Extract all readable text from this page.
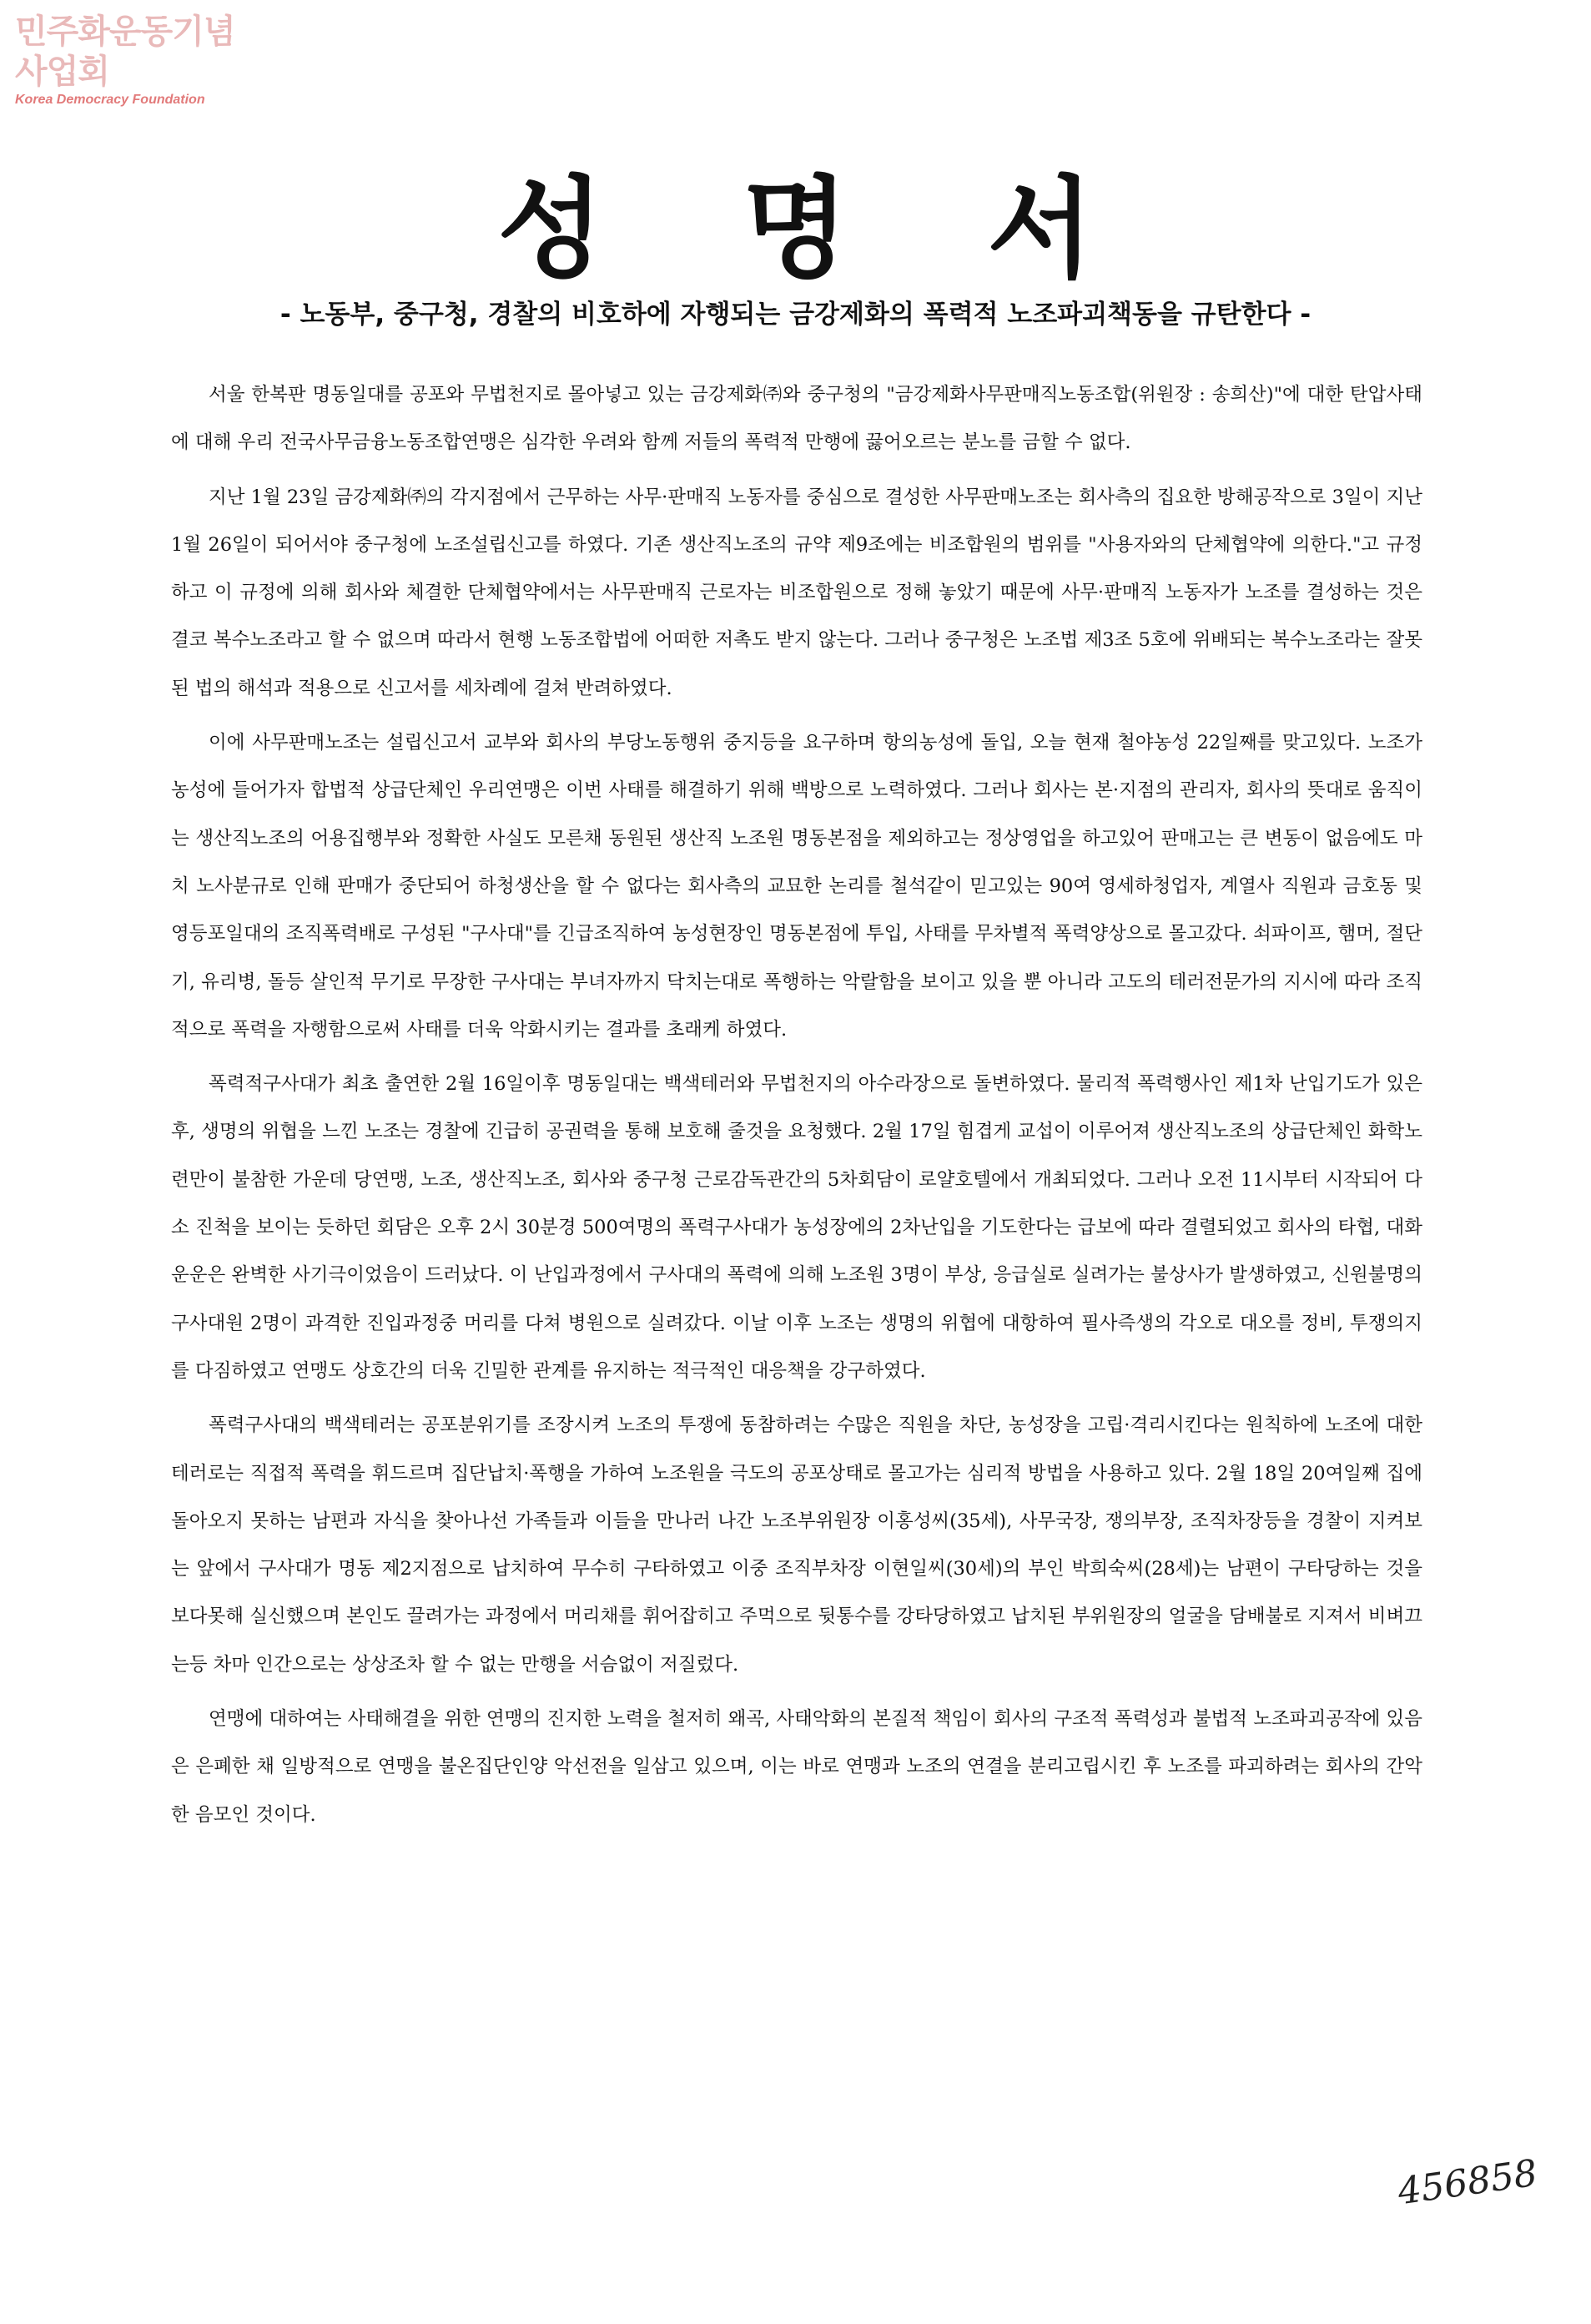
민주화운동기념사업회
Korea Democracy Foundation
성 명 서
- 노동부, 중구청, 경찰의 비호하에 자행되는 금강제화의 폭력적 노조파괴책동을 규탄한다 -

서울 한복판 명동일대를 공포와 무법천지로 몰아넣고 있는 금강제화㈜와 중구청의 "금강제화사무판매직노동조합(위원장 : 송희산)"에 대한 탄압사태에 대해 우리 전국사무금융노동조합연맹은 심각한 우려와 함께 저들의 폭력적 만행에 끓어오르는 분노를 금할 수 없다.

지난 1월 23일 금강제화㈜의 각지점에서 근무하는 사무·판매직 노동자를 중심으로 결성한 사무판매노조는 회사측의 집요한 방해공작으로 3일이 지난 1월 26일이 되어서야 중구청에 노조설립신고를 하였다. 기존 생산직노조의 규약 제9조에는 비조합원의 범위를 "사용자와의 단체협약에 의한다."고 규정하고 이 규정에 의해 회사와 체결한 단체협약에서는 사무판매직 근로자는 비조합원으로 정해 놓았기 때문에 사무·판매직 노동자가 노조를 결성하는 것은 결코 복수노조라고 할 수 없으며 따라서 현행 노동조합법에 어떠한 저촉도 받지 않는다. 그러나 중구청은 노조법 제3조 5호에 위배되는 복수노조라는 잘못된 법의 해석과 적용으로 신고서를 세차례에 걸쳐 반려하였다.

이에 사무판매노조는 설립신고서 교부와 회사의 부당노동행위 중지등을 요구하며 항의농성에 돌입, 오늘 현재 철야농성 22일째를 맞고있다. 노조가 농성에 들어가자 합법적 상급단체인 우리연맹은 이번 사태를 해결하기 위해 백방으로 노력하였다. 그러나 회사는 본·지점의 관리자, 회사의 뜻대로 움직이는 생산직노조의 어용집행부와 정확한 사실도 모른채 동원된 생산직 노조원 명동본점을 제외하고는 정상영업을 하고있어 판매고는 큰 변동이 없음에도 마치 노사분규로 인해 판매가 중단되어 하청생산을 할 수 없다는 회사측의 교묘한 논리를 철석같이 믿고있는 90여 영세하청업자, 계열사 직원과 금호동 및 영등포일대의 조직폭력배로 구성된 "구사대"를 긴급조직하여 농성현장인 명동본점에 투입, 사태를 무차별적 폭력양상으로 몰고갔다. 쇠파이프, 햄머, 절단기, 유리병, 돌등 살인적 무기로 무장한 구사대는 부녀자까지 닥치는대로 폭행하는 악랄함을 보이고 있을 뿐 아니라 고도의 테러전문가의 지시에 따라 조직적으로 폭력을 자행함으로써 사태를 더욱 악화시키는 결과를 초래케 하였다.

폭력적구사대가 최초 출연한 2월 16일이후 명동일대는 백색테러와 무법천지의 아수라장으로 돌변하였다. 물리적 폭력행사인 제1차 난입기도가 있은후, 생명의 위협을 느낀 노조는 경찰에 긴급히 공권력을 통해 보호해 줄것을 요청했다. 2월 17일 힘겹게 교섭이 이루어져 생산직노조의 상급단체인 화학노련만이 불참한 가운데 당연맹, 노조, 생산직노조, 회사와 중구청 근로감독관간의 5차회담이 로얄호텔에서 개최되었다. 그러나 오전 11시부터 시작되어 다소 진척을 보이는 듯하던 회담은 오후 2시 30분경 500여명의 폭력구사대가 농성장에의 2차난입을 기도한다는 급보에 따라 결렬되었고 회사의 타협, 대화 운운은 완벽한 사기극이었음이 드러났다. 이 난입과정에서 구사대의 폭력에 의해 노조원 3명이 부상, 응급실로 실려가는 불상사가 발생하였고, 신원불명의 구사대원 2명이 과격한 진입과정중 머리를 다쳐 병원으로 실려갔다. 이날 이후 노조는 생명의 위협에 대항하여 필사즉생의 각오로 대오를 정비, 투쟁의지를 다짐하였고 연맹도 상호간의 더욱 긴밀한 관계를 유지하는 적극적인 대응책을 강구하였다.

폭력구사대의 백색테러는 공포분위기를 조장시켜 노조의 투쟁에 동참하려는 수많은 직원을 차단, 농성장을 고립·격리시킨다는 원칙하에 노조에 대한 테러로는 직접적 폭력을 휘드르며 집단납치·폭행을 가하여 노조원을 극도의 공포상태로 몰고가는 심리적 방법을 사용하고 있다. 2월 18일 20여일째 집에 돌아오지 못하는 남편과 자식을 찾아나선 가족들과 이들을 만나러 나간 노조부위원장 이홍성씨(35세), 사무국장, 쟁의부장, 조직차장등을 경찰이 지켜보는 앞에서 구사대가 명동 제2지점으로 납치하여 무수히 구타하였고 이중 조직부차장 이현일씨(30세)의 부인 박희숙씨(28세)는 남편이 구타당하는 것을 보다못해 실신했으며 본인도 끌려가는 과정에서 머리채를 휘어잡히고 주먹으로 뒷통수를 강타당하였고 납치된 부위원장의 얼굴을 담배불로 지져서 비벼끄는등 차마 인간으로는 상상조차 할 수 없는 만행을 서슴없이 저질렀다.

연맹에 대하여는 사태해결을 위한 연맹의 진지한 노력을 철저히 왜곡, 사태악화의 본질적 책임이 회사의 구조적 폭력성과 불법적 노조파괴공작에 있음은 은폐한 채 일방적으로 연맹을 불온집단인양 악선전을 일삼고 있으며, 이는 바로 연맹과 노조의 연결을 분리고립시킨 후 노조를 파괴하려는 회사의 간악한 음모인 것이다.

456858
